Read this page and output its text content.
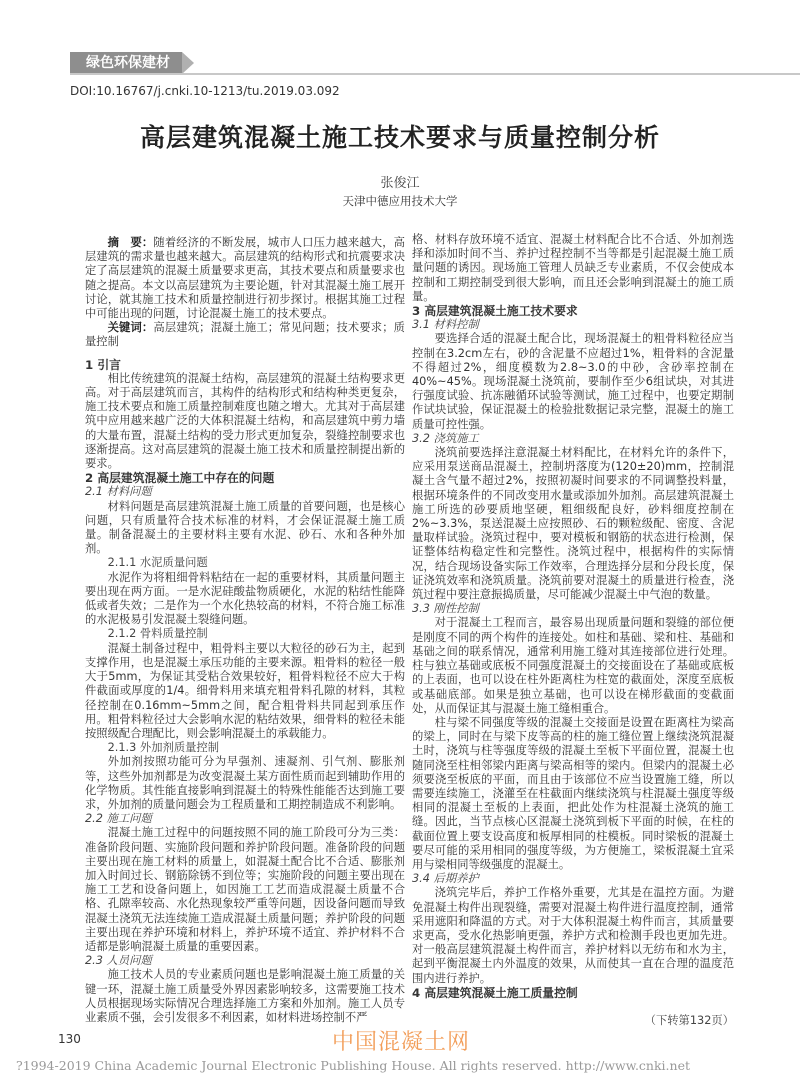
绿色环保建材
DOI:10.16767/j.cnki.10-1213/tu.2019.03.092
高层建筑混凝土施工技术要求与质量控制分析
张俊江
天津中德应用技术大学

摘　要：随着经济的不断发展，城市人口压力越来越大，高层建筑的需求量也越来越大。高层建筑的结构形式和抗震要求决定了高层建筑的混凝土质量要求更高，其技术要点和质量要求也随之提高。本文以高层建筑为主要论题，针对其混凝土施工展开讨论，就其施工技术和质量控制进行初步探讨。根据其施工过程中可能出现的问题，讨论混凝土施工的技术要点。

关键词：高层建筑；混凝土施工；常见问题；技术要求；质量控制

1 引言

相比传统建筑的混凝土结构，高层建筑的混凝土结构要求更高。对于高层建筑而言，其构件的结构形式和结构种类更复杂，施工技术要点和施工质量控制难度也随之增大。尤其对于高层建筑中应用越来越广泛的大体积混凝土结构，和高层建筑中剪力墙的大量布置，混凝土结构的受力形式更加复杂，裂缝控制要求也逐渐提高。这对高层建筑的混凝土施工技术和质量控制提出新的要求。

2 高层建筑混凝土施工中存在的问题
2.1 材料问题

材料问题是高层建筑混凝土施工质量的首要问题，也是核心问题，只有质量符合技术标准的材料，才会保证混凝土施工质量。制备混凝土的主要材料主要有水泥、砂石、水和各种外加剂。

2.1.1 水泥质量问题

水泥作为将粗细骨料粘结在一起的重要材料，其质量问题主要出现在两方面。一是水泥硅酸盐物质硬化，水泥的粘结性能降低或者失效；二是作为一个水化热较高的材料，不符合施工标准的水泥极易引发混凝土裂缝问题。

2.1.2 骨料质量控制

混凝土制备过程中，粗骨料主要以大粒径的砂石为主，起到支撑作用，也是混凝土承压功能的主要来源。粗骨料的粒径一般大于5mm，为保证其受粘合效果较好，粗骨料粒径不应大于构件截面或厚度的1/4。细骨料用来填充粗骨料孔隙的材料，其粒径控制在0.16mm~5mm之间，配合粗骨料共同起到承压作用。粗骨料粒径过大会影响水泥的粘结效果，细骨料的粒径未能按照级配合理配比，则会影响混凝土的承载能力。

2.1.3 外加剂质量控制

外加剂按照功能可分为早强剂、速凝剂、引气剂、膨胀剂等，这些外加剂都是为改变混凝土某方面性质而起到辅助作用的化学物质。其性能直接影响到混凝土的特殊性能能否达到施工要求，外加剂的质量问题会为工程质量和工期控制造成不利影响。

2.2 施工问题

混凝土施工过程中的问题按照不同的施工阶段可分为三类：准备阶段问题、实施阶段问题和养护阶段问题。准备阶段的问题主要出现在施工材料的质量上，如混凝土配合比不合适、膨胀剂加入时间过长、钢筋除锈不到位等；实施阶段的问题主要出现在施工工艺和设备问题上，如因施工工艺而造成混凝土质量不合格、孔隙率较高、水化热现象较严重等问题，因设备问题而导致混凝土浇筑无法连续施工造成混凝土质量问题；养护阶段的问题主要出现在养护环境和材料上，养护环境不适宜、养护材料不合适都是影响混凝土质量的重要因素。

2.3 人员问题

施工技术人员的专业素质问题也是影响混凝土施工质量的关键一环，混凝土施工质量受外界因素影响较多，这需要施工技术人员根据现场实际情况合理选择施工方案和外加剂。施工人员专业素质不强，会引发很多不利因素，如材料进场控制不严

格、材料存放环境不适宜、混凝土材料配合比不合适、外加剂选择和添加时间不当、养护过程控制不当等都是引起混凝土施工质量问题的诱因。现场施工管理人员缺乏专业素质，不仅会使成本控制和工期控制受到很大影响，而且还会影响到混凝土的施工质量。

3 高层建筑混凝土施工技术要求
3.1 材料控制

要选择合适的混凝土配合比，现场混凝土的粗骨料粒径应当控制在3.2cm左右，砂的含泥量不应超过1%，粗骨料的含泥量不得超过2%，细度模数为2.8~3.0的中砂，含砂率控制在40%~45%。现场混凝土浇筑前，要制作至少6组试块，对其进行强度试验、抗冻融循环试验等测试，施工过程中，也要定期制作试块试验，保证混凝土的检验批数据记录完整，混凝土的施工质量可控性强。

3.2 浇筑施工

浇筑前要选择注意混凝土材料配比，在材料允许的条件下，应采用泵送商品混凝土，控制坍落度为(120±20)mm，控制混凝土含气量不超过2%，按照初凝时间要求的不同调整投料量，根据环境条件的不同改变用水量或添加外加剂。高层建筑混凝土施工所选的砂要质地坚硬，粗细级配良好，砂料细度控制在2%~3.3%，泵送混凝土应按照砂、石的颗粒级配、密度、含泥量取样试验。浇筑过程中，要对模板和钢筋的状态进行检测，保证整体结构稳定性和完整性。浇筑过程中，根据构件的实际情况，结合现场设备实际工作效率，合理选择分层和分段长度，保证浇筑效率和浇筑质量。浇筑前要对混凝土的质量进行检查，浇筑过程中要注意振捣质量，尽可能减少混凝土中气泡的数量。

3.3 刚性控制

对于混凝土工程而言，最容易出现质量问题和裂缝的部位便是刚度不同的两个构件的连接处。如柱和基础、梁和柱、基础和基础之间的联系情况，通常利用施工缝对其连接部位进行处理。柱与独立基础或底板不同强度混凝土的交接面设在了基础或底板的上表面，也可以设在柱外距离柱为柱宽的截面处，深度至底板或基础底部。如果是独立基础，也可以设在梯形截面的变截面处，从而保证其与混凝土施工缝相重合。

柱与梁不同强度等级的混凝土交接面是设置在距离柱为梁高的梁上，同时在与梁下皮等高的柱的施工缝位置上继续浇筑混凝土时，浇筑与柱等强度等级的混凝土至板下平面位置，混凝土也随同浇至柱相邻梁内距离与梁高相等的梁内。但梁内的混凝土必须要浇至板底的平面，而且由于该部位不应当设置施工缝，所以需要连续施工，浇灌至在柱截面内继续浇筑与柱混凝土强度等级相同的混凝土至板的上表面，把此处作为柱混凝土浇筑的施工缝。因此，当节点核心区混凝土浇筑到板下平面的时候，在柱的截面位置上要支设高度和板厚相同的柱模板。同时梁板的混凝土要尽可能的采用相同的强度等级，为方便施工，梁板混凝土宜采用与梁相同等级强度的混凝土。

3.4 后期养护

浇筑完毕后，养护工作格外重要，尤其是在温控方面。为避免混凝土构件出现裂缝，需要对混凝土构件进行温度控制，通常采用遮阳和降温的方式。对于大体积混凝土构件而言，其质量要求更高，受水化热影响更强，养护方式和检测手段也更加先进。对一般高层建筑混凝土构件而言，养护材料以无纺布和水为主，起到平衡混凝土内外温度的效果，从而使其一直在合理的温度范围内进行养护。

4 高层建筑混凝土施工质量控制
（下转第132页）
130	中国混凝土网
?1994-2019 China Academic Journal Electronic Publishing House. All rights reserved. http://www.cnki.net
